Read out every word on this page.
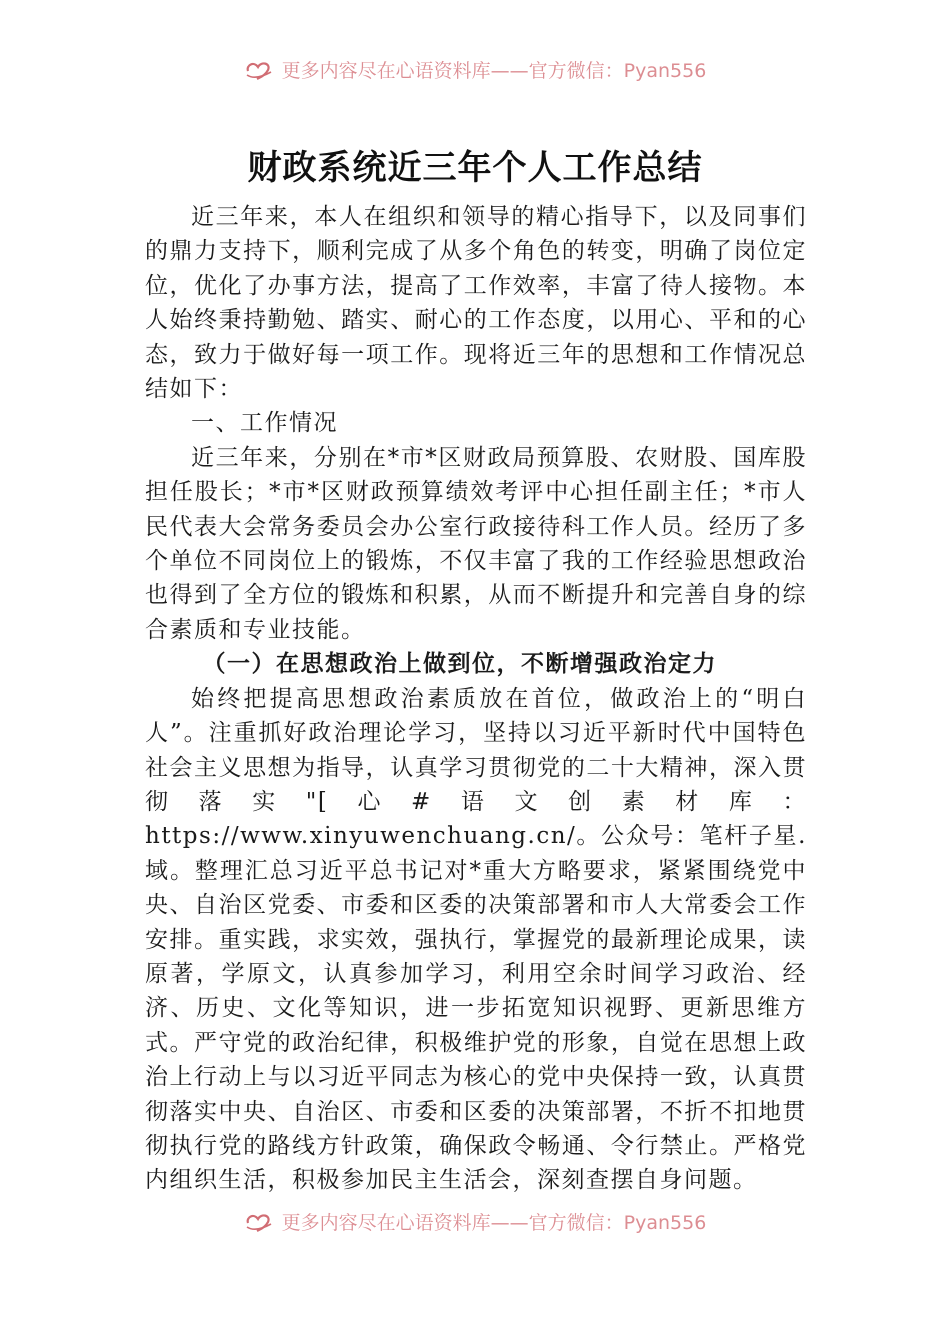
更多内容尽在心语资料库——官方微信：Pyan556
财政系统近三年个人工作总结

近三年来，本人在组织和领导的精心指导下，以及同事们的鼎力支持下，顺利完成了从多个角色的转变，明确了岗位定位，优化了办事方法，提高了工作效率，丰富了待人接物。本人始终秉持勤勉、踏实、耐心的工作态度，以用心、平和的心态，致力于做好每一项工作。现将近三年的思想和工作情况总结如下：

一、工作情况

近三年来，分别在*市*区财政局预算股、农财股、国库股担任股长；*市*区财政预算绩效考评中心担任副主任；*市人民代表大会常务委员会办公室行政接待科工作人员。经历了多个单位不同岗位上的锻炼，不仅丰富了我的工作经验思想政治也得到了全方位的锻炼和积累，从而不断提升和完善自身的综合素质和专业技能。

（一）在思想政治上做到位，不断增强政治定力

始终把提高思想政治素质放在首位，做政治上的“明白人”。注重抓好政治理论学习，坚持以习近平新时代中国特色社会主义思想为指导，认真学习贯彻党的二十大精神，深入贯彻落实"[心#语文创素材库：https://www.xinyuwenchuang.cn/。公众号：笔杆子星.域。整理汇总习近平总书记对*重大方略要求，紧紧围绕党中央、自治区党委、市委和区委的决策部署和市人大常委会工作安排。重实践，求实效，强执行，掌握党的最新理论成果，读原著，学原文，认真参加学习，利用空余时间学习政治、经济、历史、文化等知识，进一步拓宽知识视野、更新思维方式。严守党的政治纪律，积极维护党的形象，自觉在思想上政治上行动上与以习近平同志为核心的党中央保持一致，认真贯彻落实中央、自治区、市委和区委的决策部署，不折不扣地贯彻执行党的路线方针政策，确保政令畅通、令行禁止。严格党内组织生活，积极参加民主生活会，深刻查摆自身问题。

更多内容尽在心语资料库——官方微信：Pyan556
